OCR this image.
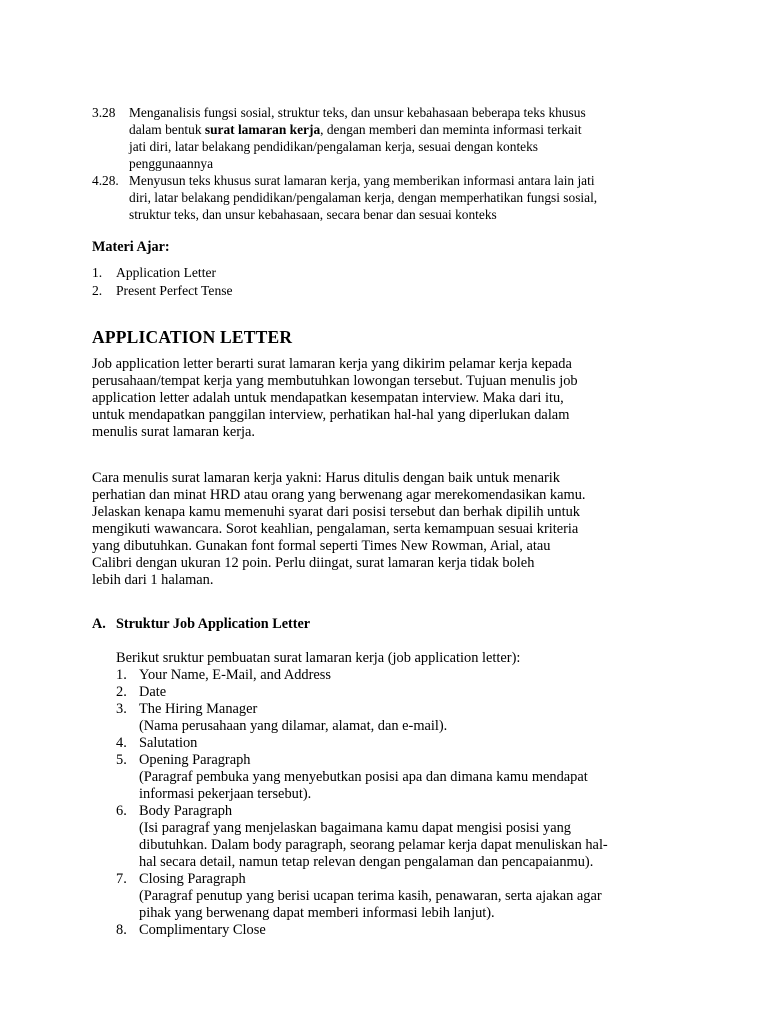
3.28 Menganalisis fungsi sosial, struktur teks, dan unsur kebahasaan beberapa teks khusus
dalam bentuk surat lamaran kerja, dengan memberi dan meminta informasi terkait
jati diri, latar belakang pendidikan/pengalaman kerja, sesuai dengan konteks
penggunaannya
4.28. Menyusun teks khusus surat lamaran kerja, yang memberikan informasi antara lain jati
diri, latar belakang pendidikan/pengalaman kerja, dengan memperhatikan fungsi sosial,
struktur teks, dan unsur kebahasaan, secara benar dan sesuai konteks
Materi Ajar:
1. Application Letter
2. Present Perfect Tense
APPLICATION LETTER
Job application letter berarti surat lamaran kerja yang dikirim pelamar kerja kepada
perusahaan/tempat kerja yang membutuhkan lowongan tersebut. Tujuan menulis job
application letter adalah untuk mendapatkan kesempatan interview. Maka dari itu,
untuk mendapatkan panggilan interview, perhatikan hal-hal yang diperlukan dalam
menulis surat lamaran kerja.
Cara menulis surat lamaran kerja yakni: Harus ditulis dengan baik untuk menarik
perhatian dan minat HRD atau orang yang berwenang agar merekomendasikan kamu.
Jelaskan kenapa kamu memenuhi syarat dari posisi tersebut dan berhak dipilih untuk
mengikuti wawancara. Sorot keahlian, pengalaman, serta kemampuan sesuai kriteria
yang dibutuhkan. Gunakan font formal seperti Times New Rowman, Arial, atau
Calibri dengan ukuran 12 poin. Perlu diingat, surat lamaran kerja tidak boleh
lebih dari 1 halaman.
A. Struktur Job Application Letter
Berikut sruktur pembuatan surat lamaran kerja (job application letter):
1. Your Name, E-Mail, and Address
2. Date
3. The Hiring Manager
(Nama perusahaan yang dilamar, alamat, dan e-mail).
4. Salutation
5. Opening Paragraph
(Paragraf pembuka yang menyebutkan posisi apa dan dimana kamu mendapat
informasi pekerjaan tersebut).
6. Body Paragraph
(Isi paragraf yang menjelaskan bagaimana kamu dapat mengisi posisi yang
dibutuhkan. Dalam body paragraph, seorang pelamar kerja dapat menuliskan hal-
hal secara detail, namun tetap relevan dengan pengalaman dan pencapaianmu).
7. Closing Paragraph
(Paragraf penutup yang berisi ucapan terima kasih, penawaran, serta ajakan agar
pihak yang berwenang dapat memberi informasi lebih lanjut).
8. Complimentary Close
